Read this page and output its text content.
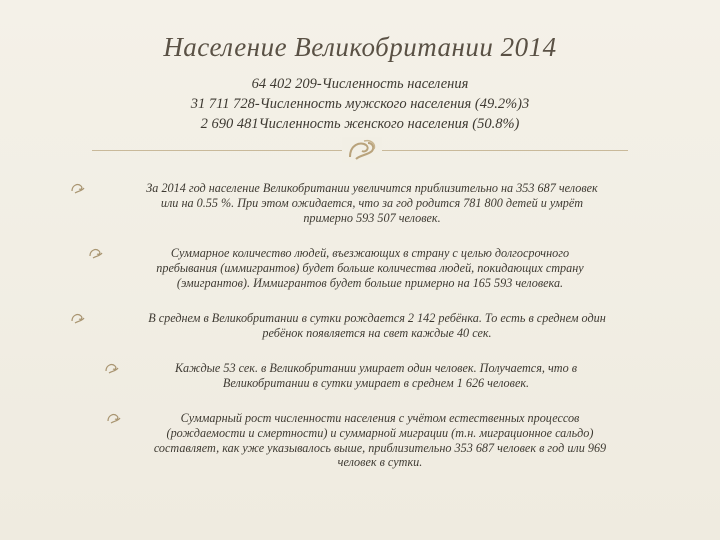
Население Великобритании 2014
64 402 209-Численность населения
31 711 728-Численность мужского населения (49.2%)3
2 690 481Численность женского населения (50.8%)
За 2014 год население Великобритании увеличится приблизительно на 353 687 человек
или на 0.55 %. При этом ожидается, что за год родится 781 800 детей и умрёт
примерно 593 507 человек.
Суммарное количество людей, въезжающих в страну с целью долгосрочного
пребывания (иммигрантов) будет больше количества людей, покидающих страну
(эмигрантов). Иммигрантов будет больше примерно на 165 593 человека.
В среднем в Великобритании в сутки рождается 2 142 ребёнка. То есть в среднем один
ребёнок появляется на свет каждые 40 сек.
Каждые 53 сек. в Великобритании умирает один человек. Получается, что в
Великобритании в сутки умирает в среднем 1 626 человек.
Суммарный рост численности населения с учётом естественных процессов
(рождаемости и смертности) и суммарной миграции (т.н. миграционное сальдо)
составляет, как уже указывалось выше, приблизительно 353 687 человек в год или 969
человек в сутки.
